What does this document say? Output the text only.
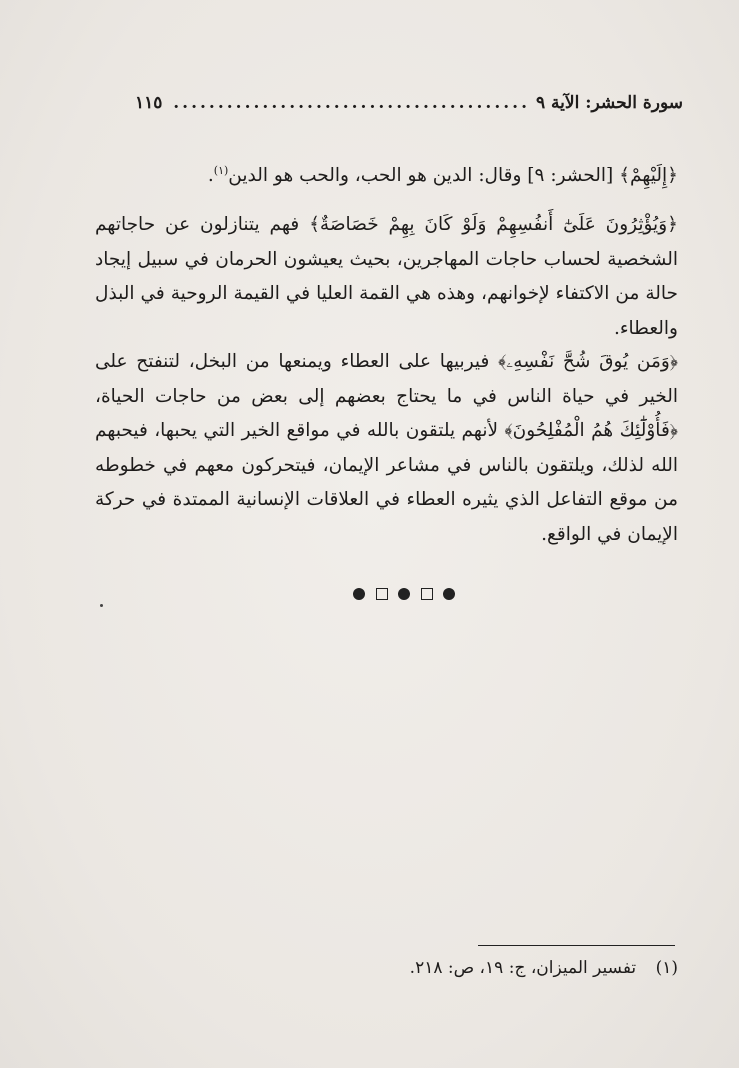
سورة الحشر: الآية ٩
........................................
١١٥

﴿إِلَيْهِمْ﴾ [الحشر: ٩] وقال: الدين هو الحب، والحب هو الدين$^{(١)}$.

﴿وَيُؤْثِرُونَ عَلَىٰٓ أَنفُسِهِمْ وَلَوْ كَانَ بِهِمْ خَصَاصَةٌ﴾ فهم يتنازلون عن حاجاتهم الشخصية لحساب حاجات المهاجرين، بحيث يعيشون الحرمان في سبيل إيجاد حالة من الاكتفاء لإخوانهم، وهذه هي القمة العليا في القيمة الروحية في البذل والعطاء.

﴿وَمَن يُوقَ شُحَّ نَفْسِهِۦ﴾ فيربيها على العطاء ويمنعها من البخل، لتنفتح على الخير في حياة الناس في ما يحتاج بعضهم إلى بعض من حاجات الحياة، ﴿فَأُوْلَٰٓئِكَ هُمُ الْمُفْلِحُونَ﴾ لأنهم يلتقون بالله في مواقع الخير التي يحبها، فيحبهم الله لذلك، ويلتقون بالناس في مشاعر الإيمان، فيتحركون معهم في خطوطه من موقع التفاعل الذي يثيره العطاء في العلاقات الإنسانية الممتدة في حركة الإيمان في الواقع.

(١) تفسير الميزان، ج: ١٩، ص: ٢١٨.
